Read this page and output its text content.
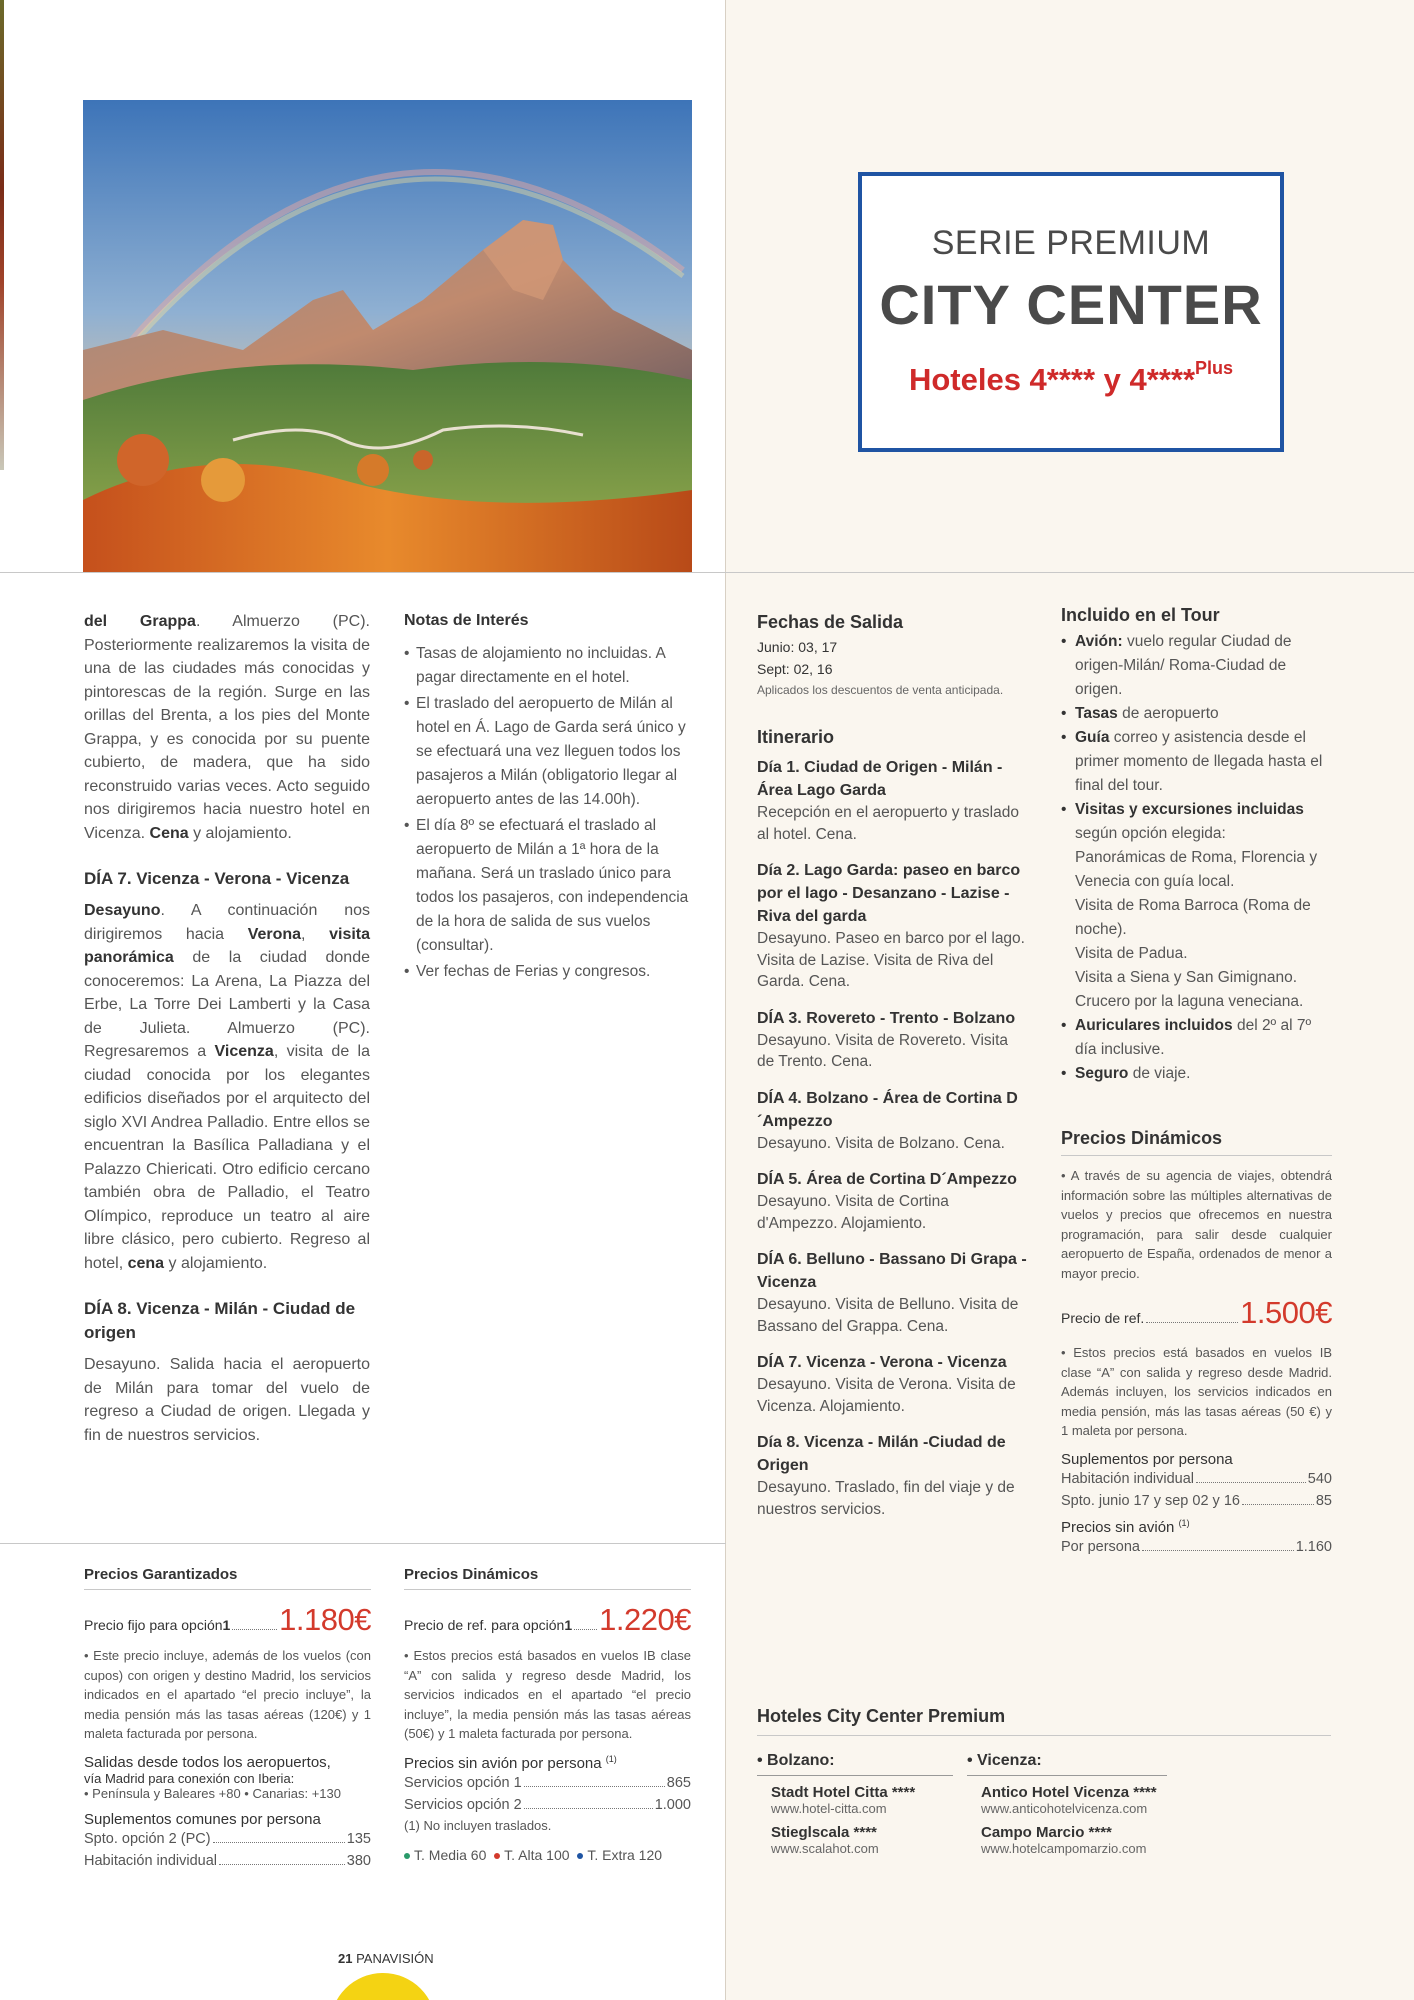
SERIE PREMIUM
CITY CENTER
Hoteles 4**** y 4****$^{Plus}$

del Grappa. Almuerzo (PC). Posteriormente realizaremos la visita de una de las ciudades más conocidas y pintorescas de la región. Surge en las orillas del Brenta, a los pies del Monte Grappa, y es conocida por su puente cubierto, de madera, que ha sido reconstruido varias veces. Acto seguido nos dirigiremos hacia nuestro hotel en Vicenza. Cena y alojamiento.

DÍA 7. Vicenza - Verona - Vicenza

Desayuno. A continuación nos dirigiremos hacia Verona, visita panorámica de la ciudad donde conoceremos: La Arena, La Piazza del Erbe, La Torre Dei Lamberti y la Casa de Julieta. Almuerzo (PC). Regresaremos a Vicenza, visita de la ciudad conocida por los elegantes edificios diseñados por el arquitecto del siglo XVI Andrea Palladio. Entre ellos se encuentran la Basílica Palladiana y el Palazzo Chiericati. Otro edificio cercano también obra de Palladio, el Teatro Olímpico, reproduce un teatro al aire libre clásico, pero cubierto. Regreso al hotel, cena y alojamiento.

DÍA 8. Vicenza - Milán - Ciudad de origen

Desayuno. Salida hacia el aeropuerto de Milán para tomar del vuelo de regreso a Ciudad de origen. Llegada y fin de nuestros servicios.

Notas de Interés
• Tasas de alojamiento no incluidas. A pagar directamente en el hotel.
• El traslado del aeropuerto de Milán al hotel en Á. Lago de Garda será único y se efectuará una vez lleguen todos los pasajeros a Milán (obligatorio llegar al aeropuerto antes de las 14.00h).
• El día 8º se efectuará el traslado al aeropuerto de Milán a 1ª hora de la mañana. Será un traslado único para todos los pasajeros, con independencia de la hora de salida de sus vuelos (consultar).
• Ver fechas de Ferias y congresos.
Precios Garantizados
Precio fijo para opción 1 1.180€
• Este precio incluye, además de los vuelos (con cupos) con origen y destino Madrid, los servicios indicados en el apartado “el precio incluye”, la media pensión más las tasas aéreas (120€) y 1 maleta facturada por persona.
Salidas desde todos los aeropuertos,
vía Madrid para conexión con Iberia:
• Península y Baleares +80 • Canarias: +130
Suplementos comunes por persona
Spto. opción 2 (PC)	135
Habitación individual	380
Precios Dinámicos
Precio de ref. para opción 1 1.220€
• Estos precios está basados en vuelos IB clase “A” con salida y regreso desde Madrid, los servicios indicados en el apartado “el precio incluye”, la media pensión más las tasas aéreas (50€) y 1 maleta facturada por persona.
Precios sin avión por persona $^{(1)}$
Servicios opción 1	865
Servicios opción 2	1.000
(1) No incluyen traslados.
T. Media 60 T. Alta 100 T. Extra 120
Fechas de Salida
Junio: 03, 17
Sept: 02, 16
Aplicados los descuentos de venta anticipada.
Itinerario
Día 1. Ciudad de Origen - Milán - Área Lago Garda
Recepción en el aeropuerto y traslado al hotel. Cena.
Día 2. Lago Garda: paseo en barco por el lago - Desanzano - Lazise - Riva del garda
Desayuno. Paseo en barco por el lago. Visita de Lazise. Visita de Riva del Garda. Cena.
DÍA 3. Rovereto - Trento - Bolzano
Desayuno. Visita de Rovereto. Visita de Trento. Cena.
DÍA 4. Bolzano - Área de Cortina D´Ampezzo
Desayuno. Visita de Bolzano. Cena.
DÍA 5. Área de Cortina D´Ampezzo
Desayuno. Visita de Cortina d'Ampezzo. Alojamiento.
DÍA 6. Belluno - Bassano Di Grapa - Vicenza
Desayuno. Visita de Belluno. Visita de Bassano del Grappa. Cena.
DÍA 7. Vicenza - Verona - Vicenza
Desayuno. Visita de Verona. Visita de Vicenza. Alojamiento.
Día 8. Vicenza - Milán -Ciudad de Origen
Desayuno. Traslado, fin del viaje y de nuestros servicios.
Incluido en el Tour
• Avión: vuelo regular Ciudad de origen-Milán/ Roma-Ciudad de origen.
• Tasas de aeropuerto
• Guía correo y asistencia desde el primer momento de llegada hasta el final del tour.
• Visitas y excursiones incluidas
según opción elegida:
Panorámicas de Roma, Florencia y Venecia con guía local.
Visita de Roma Barroca (Roma de noche).
Visita de Padua.
Visita a Siena y San Gimignano.
Crucero por la laguna veneciana.
• Auriculares incluidos del 2º al 7º día inclusive.
• Seguro de viaje.
Precios Dinámicos
• A través de su agencia de viajes, obtendrá información sobre las múltiples alternativas de vuelos y precios que ofrecemos en nuestra programación, para salir desde cualquier aeropuerto de España, ordenados de menor a mayor precio.
Precio de ref.	1.500€
• Estos precios está basados en vuelos IB clase “A” con salida y regreso desde Madrid. Además incluyen, los servicios indicados en media pensión, más las tasas aéreas (50 €) y 1 maleta por persona.
Suplementos por persona
Habitación individual	540
Spto. junio 17 y sep 02 y 16	85
Precios sin avión $^{(1)}$
Por persona	1.160
Hoteles City Center Premium
• Bolzano:
Stadt Hotel Citta ****
www.hotel-citta.com
Stieglscala ****
www.scalahot.com
• Vicenza:
Antico Hotel Vicenza ****
www.anticohotelvicenza.com
Campo Marcio ****
www.hotelcampomarzio.com
21 PANAVISIÓN
